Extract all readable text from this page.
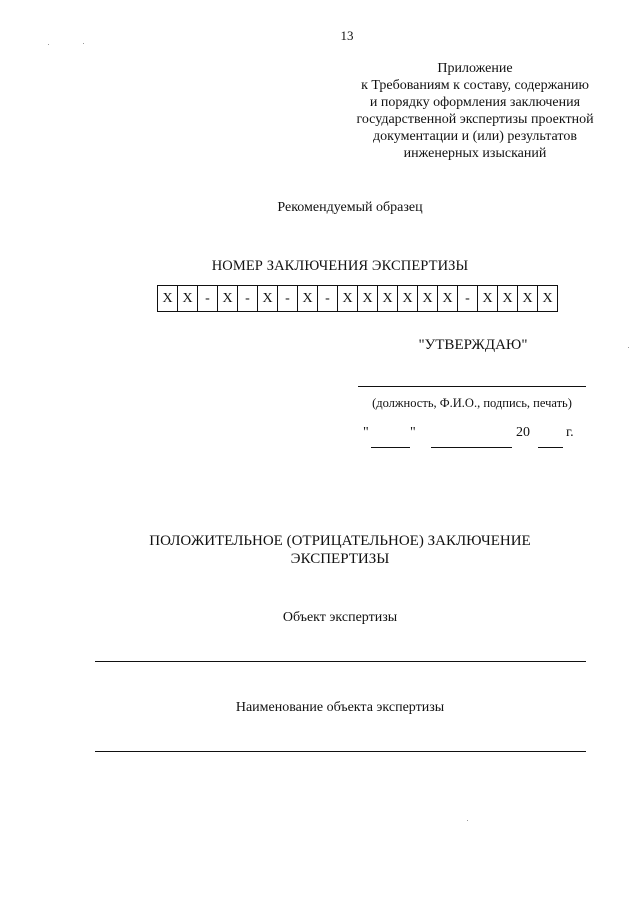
13
Приложение
к Требованиям к составу, содержанию
и порядку оформления заключения
государственной экспертизы проектной
документации и (или) результатов
инженерных изысканий
Рекомендуемый образец
НОМЕР ЗАКЛЮЧЕНИЯ ЭКСПЕРТИЗЫ
X X - X - X - X - X X X X X X - X X X X
"УТВЕРЖДАЮ"
(должность, Ф.И.О., подпись, печать)
"	"	20	г.
ПОЛОЖИТЕЛЬНОЕ (ОТРИЦАТЕЛЬНОЕ) ЗАКЛЮЧЕНИЕ
ЭКСПЕРТИЗЫ
Объект экспертизы
Наименование объекта экспертизы
